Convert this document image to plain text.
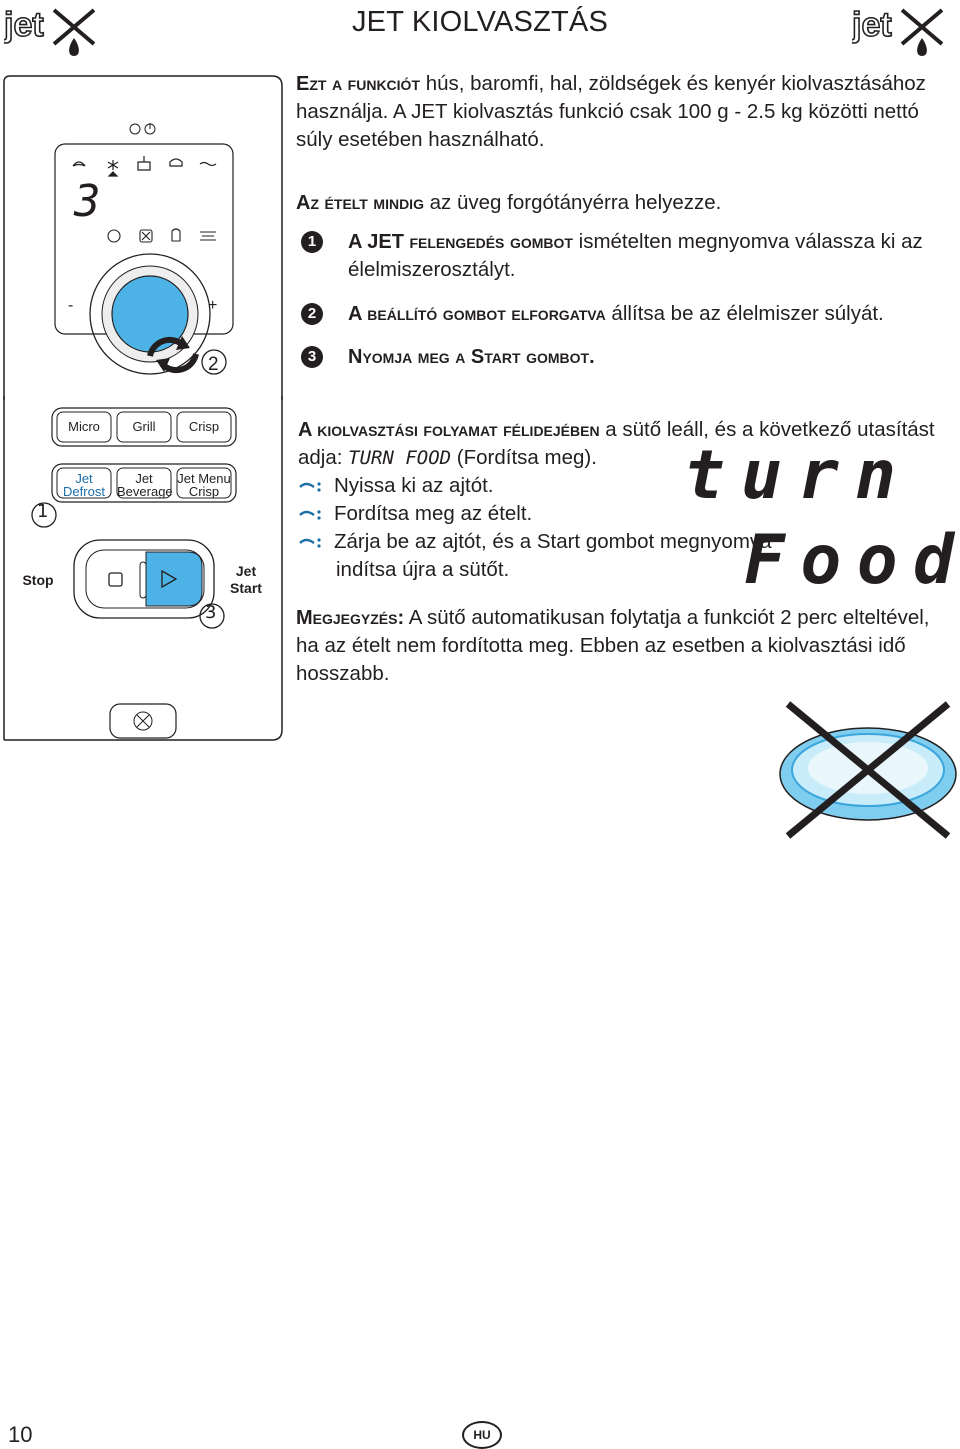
jet	JET KIOLVASZTÁS	jet
3
-	+
2
Micro	Grill	Crisp
Jet
Defrost
Jet
Beverage
Jet Menu
Crisp
Stop
Jet
Start
1
3
Ezt a funkciót hús, baromfi, hal, zöldségek és kenyér kiolvasztásához használja. A JET kiolvasztás funkció csak 100 g - 2.5 kg közötti nettó súly esetében használható.
Az ételt mindig az üveg forgótányérra helyezze.
1	A JET felengedés gombot ismételten megnyomva válassza ki az élelmiszerosztályt.
2	A beállító gombot elforgatva állítsa be az élelmiszer súlyát.
3	Nyomja meg a Start gombot.
A kiolvasztási folyamat félidejében a sütő leáll, és a következő utasítást adja: TURN FOOD (Fordítsa meg).
Nyissa ki az ajtót.
Fordítsa meg az ételt.
Zárja be az ajtót, és a Start gombot megnyomva indítsa újra a sütőt.
turn
Food
Megjegyzés: A sütő automatikusan folytatja a funkciót 2 perc elteltével, ha az ételt nem fordította meg. Ebben az esetben a kiolvasztási idő hosszabb.
10	HU
